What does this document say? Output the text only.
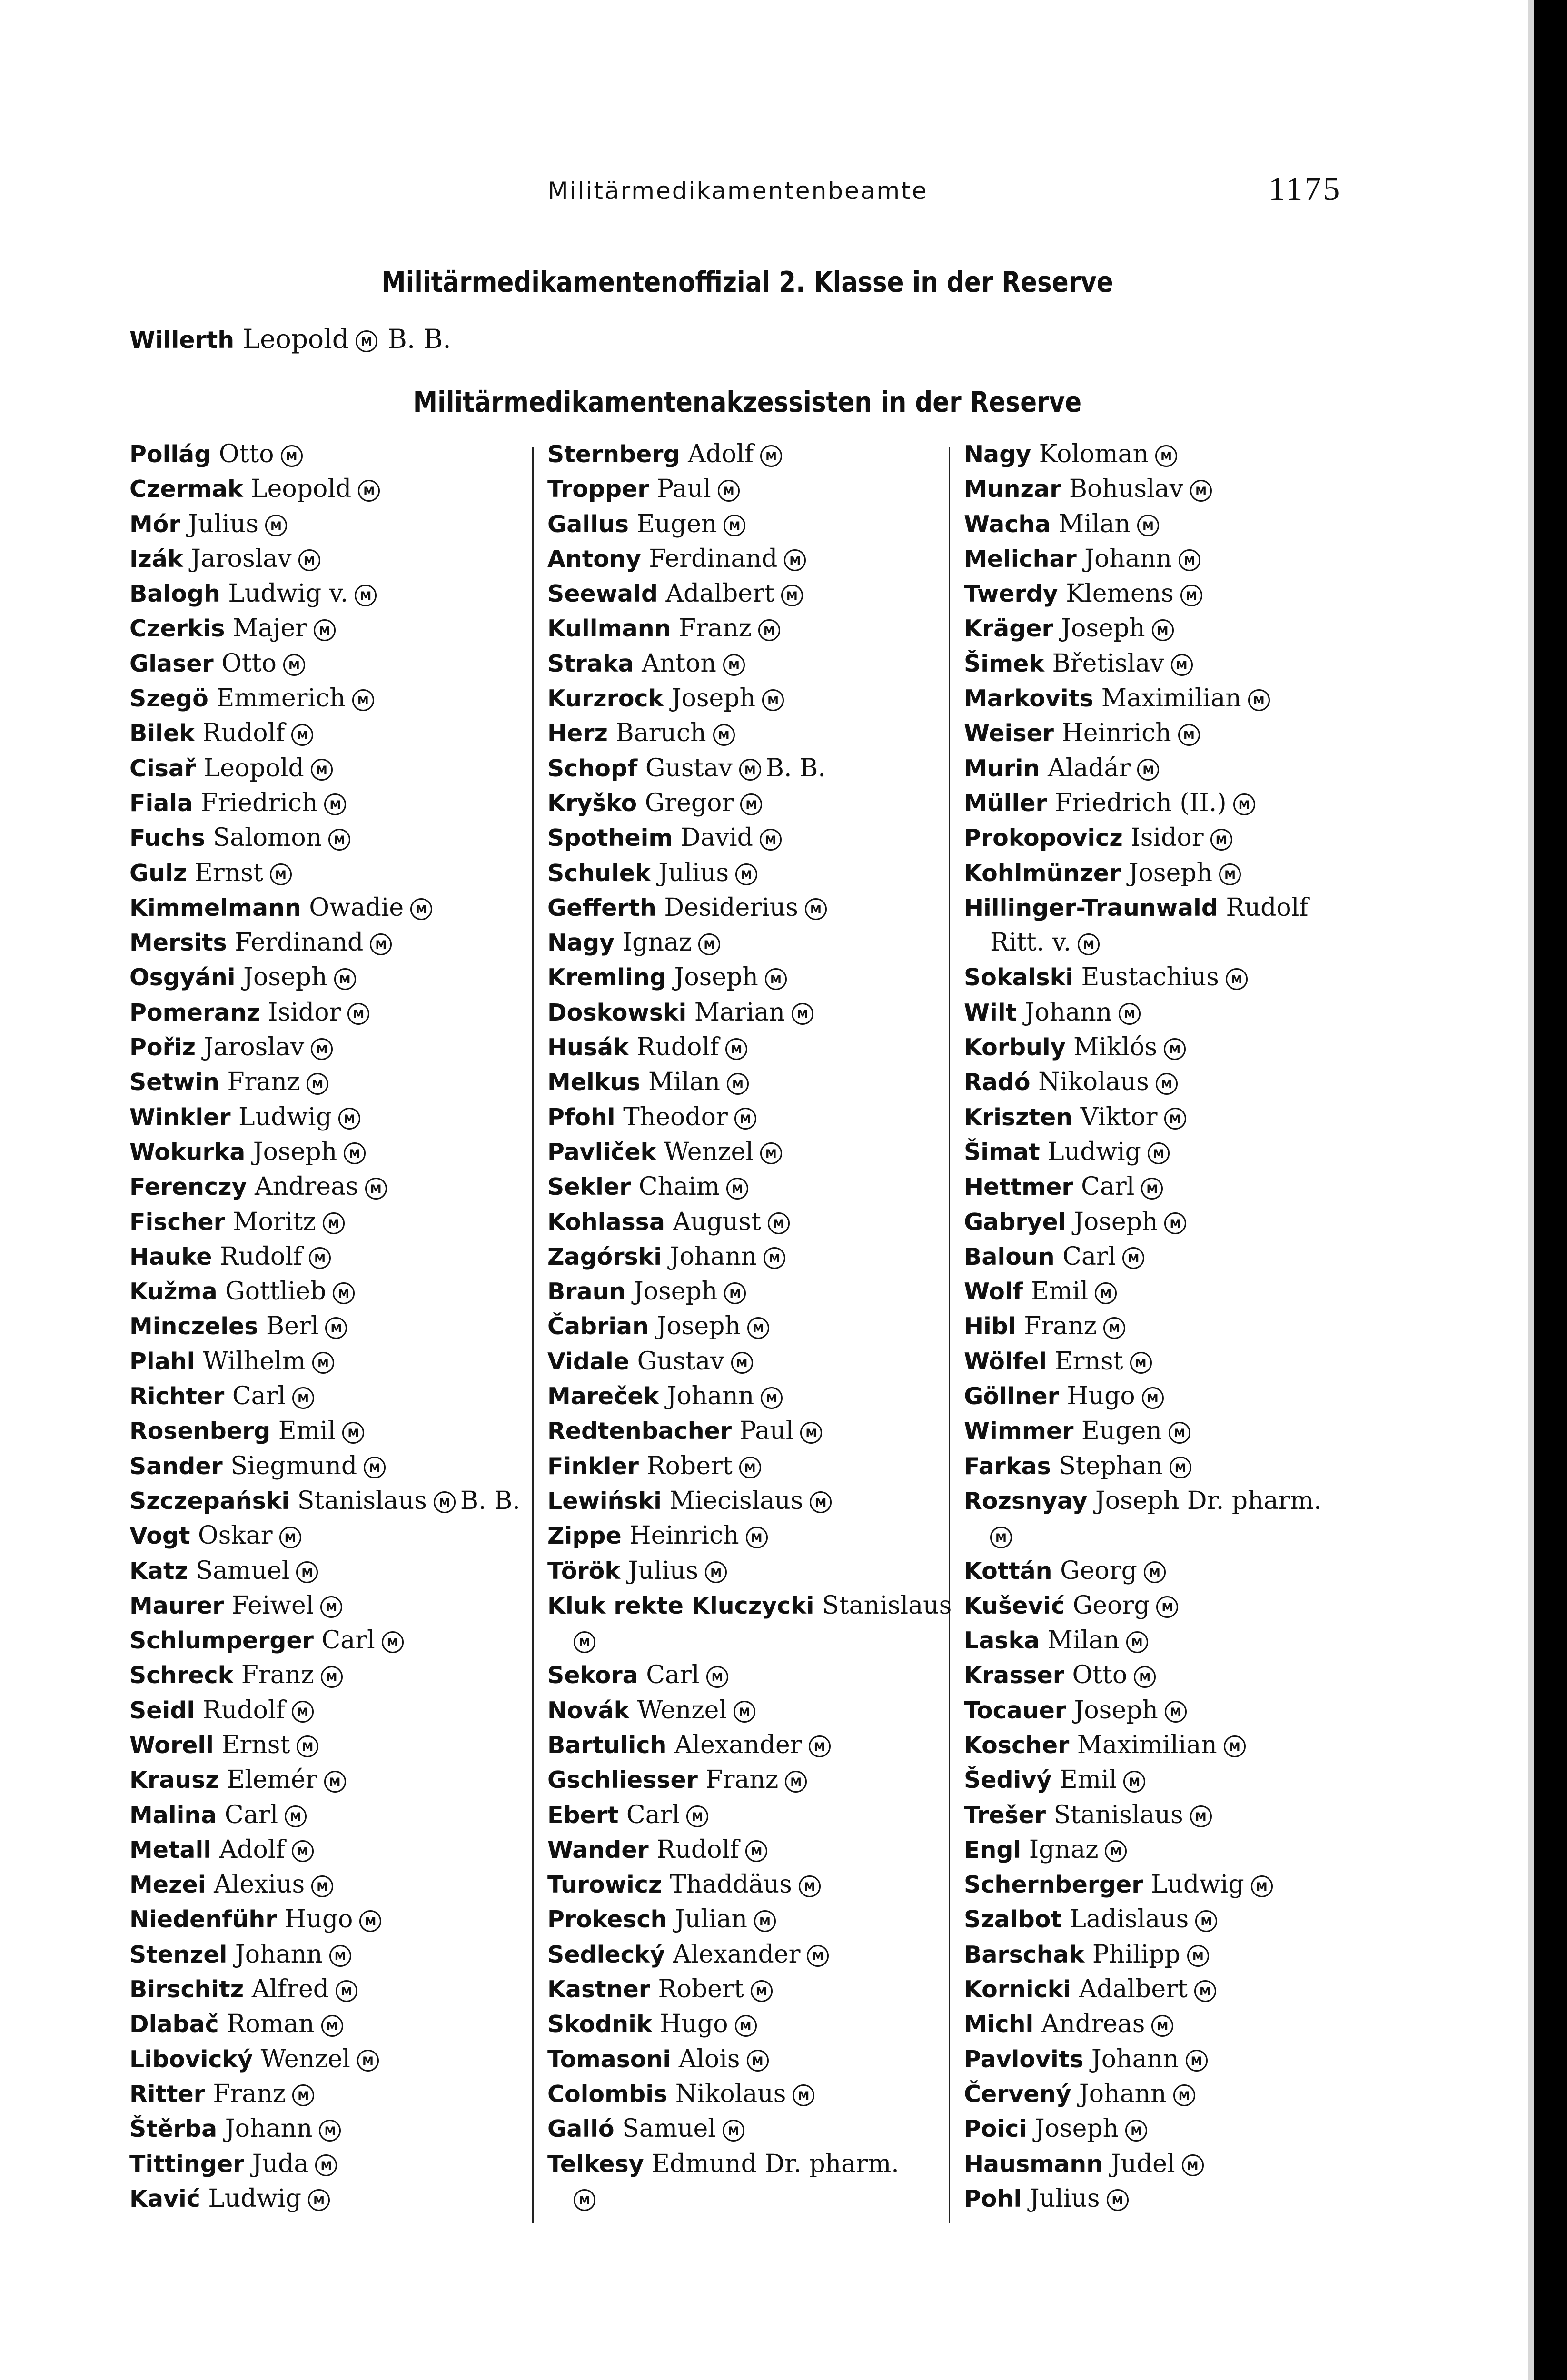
Militärmedikamentenbeamte	1175
Militärmedikamentenoffizial 2. Klasse in der Reserve
Willerth Leopold M B. B.
Militärmedikamentenakzessisten in der Reserve
Pollág Otto M
Czermak Leopold M
Mór Julius M
Izák Jaroslav M
Balogh Ludwig v. M
Czerkis Majer M
Glaser Otto M
Szegö Emmerich M
Bilek Rudolf M
Cisař Leopold M
Fiala Friedrich M
Fuchs Salomon M
Gulz Ernst M
Kimmelmann Owadie M
Mersits Ferdinand M
Osgyáni Joseph M
Pomeranz Isidor M
Pořiz Jaroslav M
Setwin Franz M
Winkler Ludwig M
Wokurka Joseph M
Ferenczy Andreas M
Fischer Moritz M
Hauke Rudolf M
Kužma Gottlieb M
Minczeles Berl M
Plahl Wilhelm M
Richter Carl M
Rosenberg Emil M
Sander Siegmund M
Szczepański Stanislaus M B. B.
Vogt Oskar M
Katz Samuel M
Maurer Feiwel M
Schlumperger Carl M
Schreck Franz M
Seidl Rudolf M
Worell Ernst M
Krausz Elemér M
Malina Carl M
Metall Adolf M
Mezei Alexius M
Niedenführ Hugo M
Stenzel Johann M
Birschitz Alfred M
Dlabač Roman M
Libovický Wenzel M
Ritter Franz M
Štěrba Johann M
Tittinger Juda M
Kavić Ludwig M
Sternberg Adolf M
Tropper Paul M
Gallus Eugen M
Antony Ferdinand M
Seewald Adalbert M
Kullmann Franz M
Straka Anton M
Kurzrock Joseph M
Herz Baruch M
Schopf Gustav M B. B.
Kryško Gregor M
Spotheim David M
Schulek Julius M
Gefferth Desiderius M
Nagy Ignaz M
Kremling Joseph M
Doskowski Marian M
Husák Rudolf M
Melkus Milan M
Pfohl Theodor M
Pavliček Wenzel M
Sekler Chaim M
Kohlassa August M
Zagórski Johann M
Braun Joseph M
Čabrian Joseph M
Vidale Gustav M
Mareček Johann M
Redtenbacher Paul M
Finkler Robert M
Lewiński Miecislaus M
Zippe Heinrich M
Török Julius M
Kluk rekte Kluczycki Stanislaus
M
Sekora Carl M
Novák Wenzel M
Bartulich Alexander M
Gschliesser Franz M
Ebert Carl M
Wander Rudolf M
Turowicz Thaddäus M
Prokesch Julian M
Sedlecký Alexander M
Kastner Robert M
Skodnik Hugo M
Tomasoni Alois M
Colombis Nikolaus M
Galló Samuel M
Telkesy Edmund Dr. pharm.
M
Nagy Koloman M
Munzar Bohuslav M
Wacha Milan M
Melichar Johann M
Twerdy Klemens M
Kräger Joseph M
Šimek Břetislav M
Markovits Maximilian M
Weiser Heinrich M
Murin Aladár M
Müller Friedrich (II.) M
Prokopovicz Isidor M
Kohlmünzer Joseph M
Hillinger-Traunwald Rudolf
Ritt. v. M
Sokalski Eustachius M
Wilt Johann M
Korbuly Miklós M
Radó Nikolaus M
Kriszten Viktor M
Šimat Ludwig M
Hettmer Carl M
Gabryel Joseph M
Baloun Carl M
Wolf Emil M
Hibl Franz M
Wölfel Ernst M
Göllner Hugo M
Wimmer Eugen M
Farkas Stephan M
Rozsnyay Joseph Dr. pharm.
M
Kottán Georg M
Kušević Georg M
Laska Milan M
Krasser Otto M
Tocauer Joseph M
Koscher Maximilian M
Šedivý Emil M
Trešer Stanislaus M
Engl Ignaz M
Schernberger Ludwig M
Szalbot Ladislaus M
Barschak Philipp M
Kornicki Adalbert M
Michl Andreas M
Pavlovits Johann M
Červený Johann M
Poici Joseph M
Hausmann Judel M
Pohl Julius M
